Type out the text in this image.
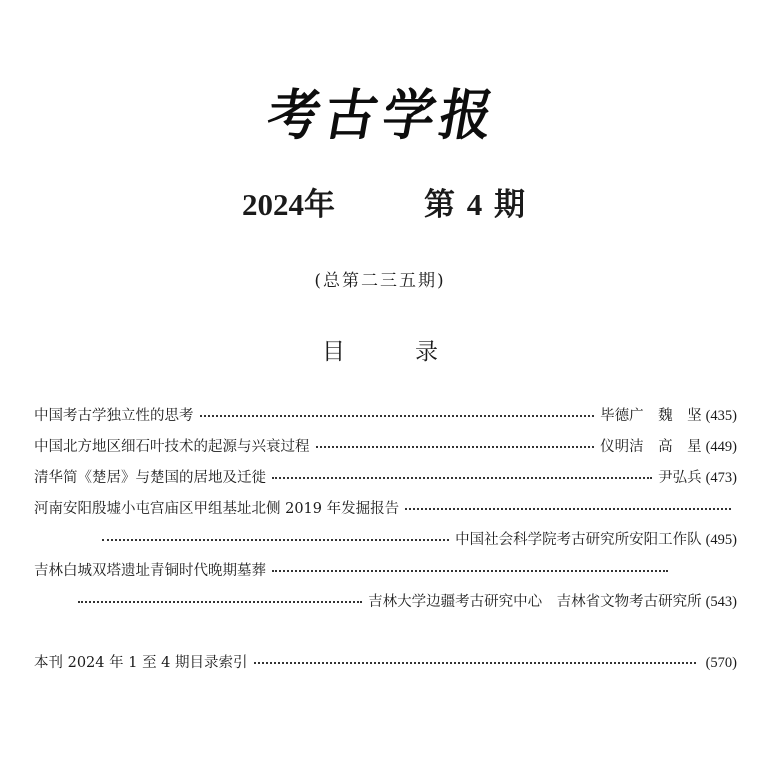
考
古
学
报
2024年	第 4 期
(总第二三五期)
目	录
中国考古学独立性的思考	毕德广　魏　坚 (435)
中国北方地区细石叶技术的起源与兴衰过程	仪明洁　高　星 (449)
清华简《楚居》与楚国的居地及迁徙	尹弘兵 (473)
河南安阳殷墟小屯宫庙区甲组基址北侧 2019 年发掘报告
中国社会科学院考古研究所安阳工作队 (495)
吉林白城双塔遗址青铜时代晚期墓葬
吉林大学边疆考古研究中心　吉林省文物考古研究所 (543)
本刊 2024 年 1 至 4 期目录索引	(570)
